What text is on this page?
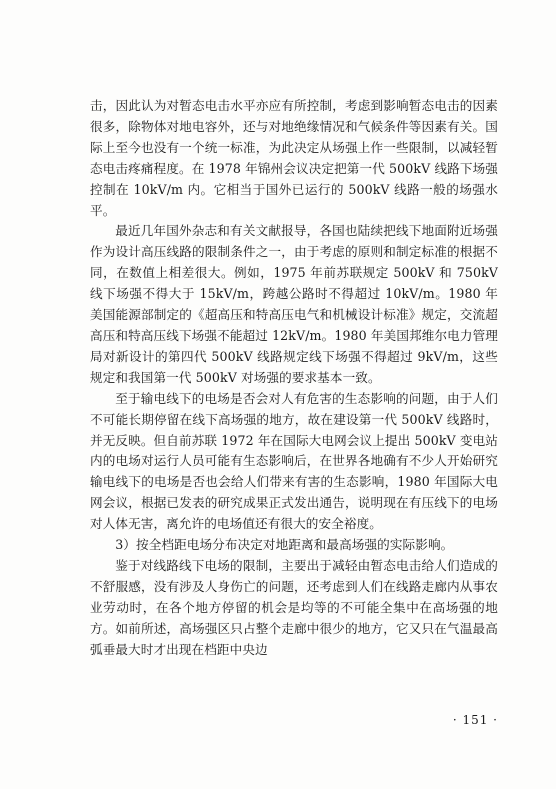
击，因此认为对暂态电击水平亦应有所控制，考虑到影响暂态电击的因素很多，除物体对地电容外，还与对地绝缘情况和气候条件等因素有关。国际上至今也没有一个统一标准，为此决定从场强上作一些限制，以减轻暂态电击疼痛程度。在 1978 年锦州会议决定把第一代 500kV 线路下场强控制在 10kV/m 内。它相当于国外已运行的 500kV 线路一般的场强水平。

最近几年国外杂志和有关文献报导，各国也陆续把线下地面附近场强作为设计高压线路的限制条件之一，由于考虑的原则和制定标准的根据不同，在数值上相差很大。例如，1975 年前苏联规定 500kV 和 750kV 线下场强不得大于 15kV/m，跨越公路时不得超过 10kV/m。1980 年美国能源部制定的《超高压和特高压电气和机械设计标准》规定，交流超高压和特高压线下场强不能超过 12kV/m。1980 年美国邦维尔电力管理局对新设计的第四代 500kV 线路规定线下场强不得超过 9kV/m，这些规定和我国第一代 500kV 对场强的要求基本一致。

至于输电线下的电场是否会对人有危害的生态影响的问题，由于人们不可能长期停留在线下高场强的地方，故在建设第一代 500kV 线路时，并无反映。但自前苏联 1972 年在国际大电网会议上提出 500kV 变电站内的电场对运行人员可能有生态影响后，在世界各地确有不少人开始研究输电线下的电场是否也会给人们带来有害的生态影响，1980 年国际大电网会议，根据已发表的研究成果正式发出通告，说明现在有压线下的电场对人体无害，离允许的电场值还有很大的安全裕度。

3）按全档距电场分布决定对地距离和最高场强的实际影响。

鉴于对线路线下电场的限制，主要出于减轻由暂态电击给人们造成的不舒服感，没有涉及人身伤亡的问题，还考虑到人们在线路走廊内从事农业劳动时，在各个地方停留的机会是均等的不可能全集中在高场强的地方。如前所述，高场强区只占整个走廊中很少的地方，它又只在气温最高弧垂最大时才出现在档距中央边

· 151 ·
